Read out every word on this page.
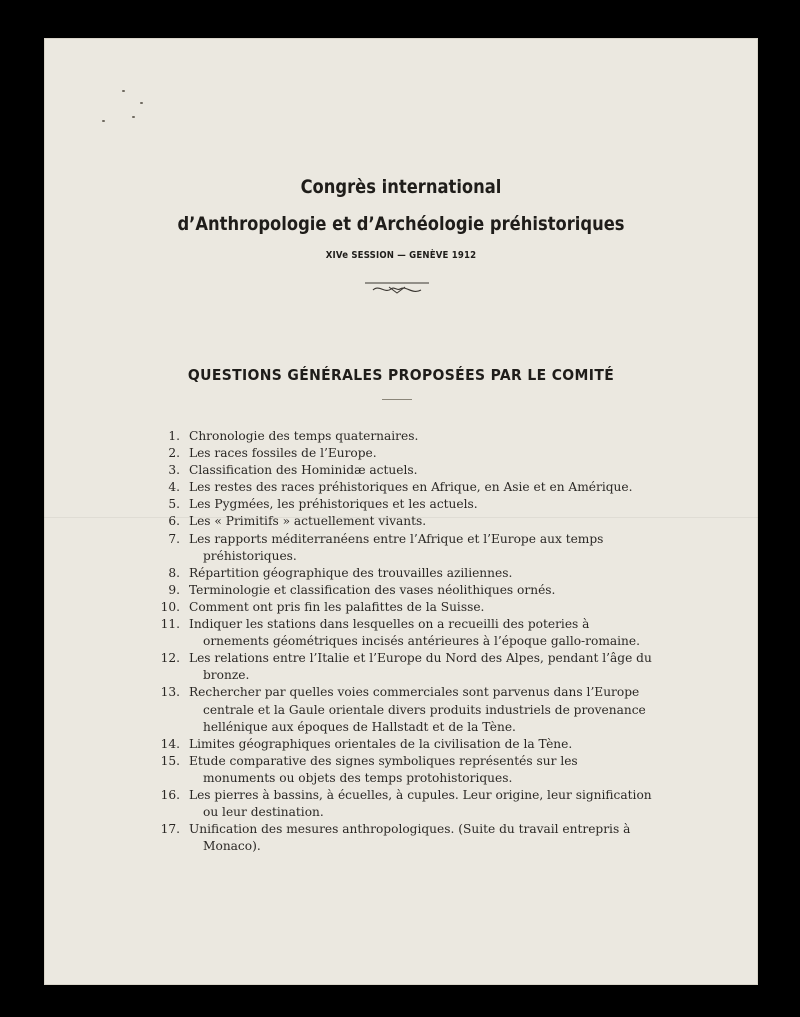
Congrès international
d’Anthropologie et d’Archéologie préhistoriques
XIVe SESSION — GENÈVE 1912
QUESTIONS GÉNÉRALES PROPOSÉES PAR LE COMITÉ
1. Chronologie des temps quaternaires.
2. Les races fossiles de l’Europe.
3. Classification des Hominidæ actuels.
4. Les restes des races préhistoriques en Afrique, en Asie et en Amérique.
5. Les Pygmées, les préhistoriques et les actuels.
6. Les « Primitifs » actuellement vivants.
7. Les rapports méditerranéens entre l’Afrique et l’Europe aux temps préhistoriques.
8. Répartition géographique des trouvailles aziliennes.
9. Terminologie et classification des vases néolithiques ornés.
10. Comment ont pris fin les palafittes de la Suisse.
11. Indiquer les stations dans lesquelles on a recueilli des poteries à ornements géométriques incisés antérieures à l’époque gallo-romaine.
12. Les relations entre l’Italie et l’Europe du Nord des Alpes, pendant l’âge du bronze.
13. Rechercher par quelles voies commerciales sont parvenus dans l’Europe centrale et la Gaule orientale divers produits industriels de provenance hellénique aux époques de Hallstadt et de la Tène.
14. Limites géographiques orientales de la civilisation de la Tène.
15. Etude comparative des signes symboliques représentés sur les monuments ou objets des temps protohistoriques.
16. Les pierres à bassins, à écuelles, à cupules. Leur origine, leur signification ou leur destination.
17. Unification des mesures anthropologiques. (Suite du travail entrepris à Monaco).
